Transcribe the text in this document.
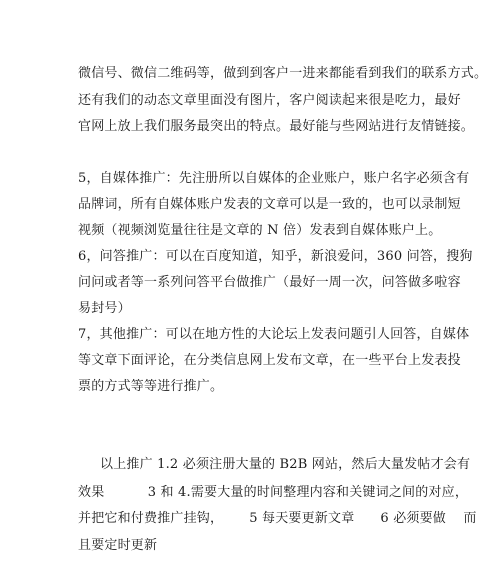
微信号、微信二维码等，做到到客户一进来都能看到我们的联系方式。
还有我们的动态文章里面没有图片，客户阅读起来很是吃力，最好
官网上放上我们服务最突出的特点。最好能与些网站进行友情链接。
5，自媒体推广：先注册所以自媒体的企业账户，账户名字必须含有
品牌词，所有自媒体账户发表的文章可以是一致的，也可以录制短
视频（视频浏览量往往是文章的 N 倍）发表到自媒体账户上。
6，问答推广：可以在百度知道，知乎，新浪爱问，360 问答，搜狗
问问或者等一系列问答平台做推广（最好一周一次，问答做多啦容
易封号）
7，其他推广：可以在地方性的大论坛上发表问题引人回答，自媒体
等文章下面评论，在分类信息网上发布文章，在一些平台上发表投
票的方式等等进行推广。
以上推广 1.2 必须注册大量的 B2B 网站，然后大量发帖才会有
效果          3 和 4.需要大量的时间整理内容和关键词之间的对应，
并把它和付费推广挂钩，      5 每天要更新文章      6 必须要做    而
且要定时更新
